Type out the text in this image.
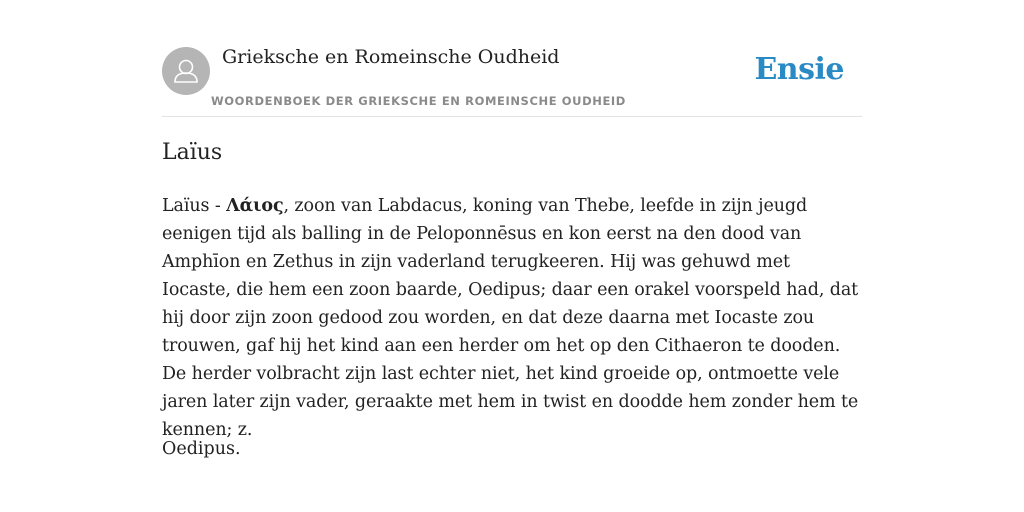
Grieksche en Romeinsche Oudheid
WOORDENBOEK DER GRIEKSCHE EN ROMEINSCHE OUDHEID
Ensie
Laïus

Laïus - Λάιος, zoon van Labdacus, koning van Thebe, leefde in zijn jeugd eenigen tijd als balling in de Peloponnēsus en kon eerst na den dood van Amphīon en Zethus in zijn vaderland terugkeeren. Hij was gehuwd met Iocaste, die hem een zoon baarde, Oedipus; daar een orakel voorspeld had, dat hij door zijn zoon gedood zou worden, en dat deze daarna met Iocaste zou trouwen, gaf hij het kind aan een herder om het op den Cithaeron te dooden. De herder volbracht zijn last echter niet, het kind groeide op, ontmoette vele jaren later zijn vader, geraakte met hem in twist en doodde hem zonder hem te kennen; z.

Oedipus.
